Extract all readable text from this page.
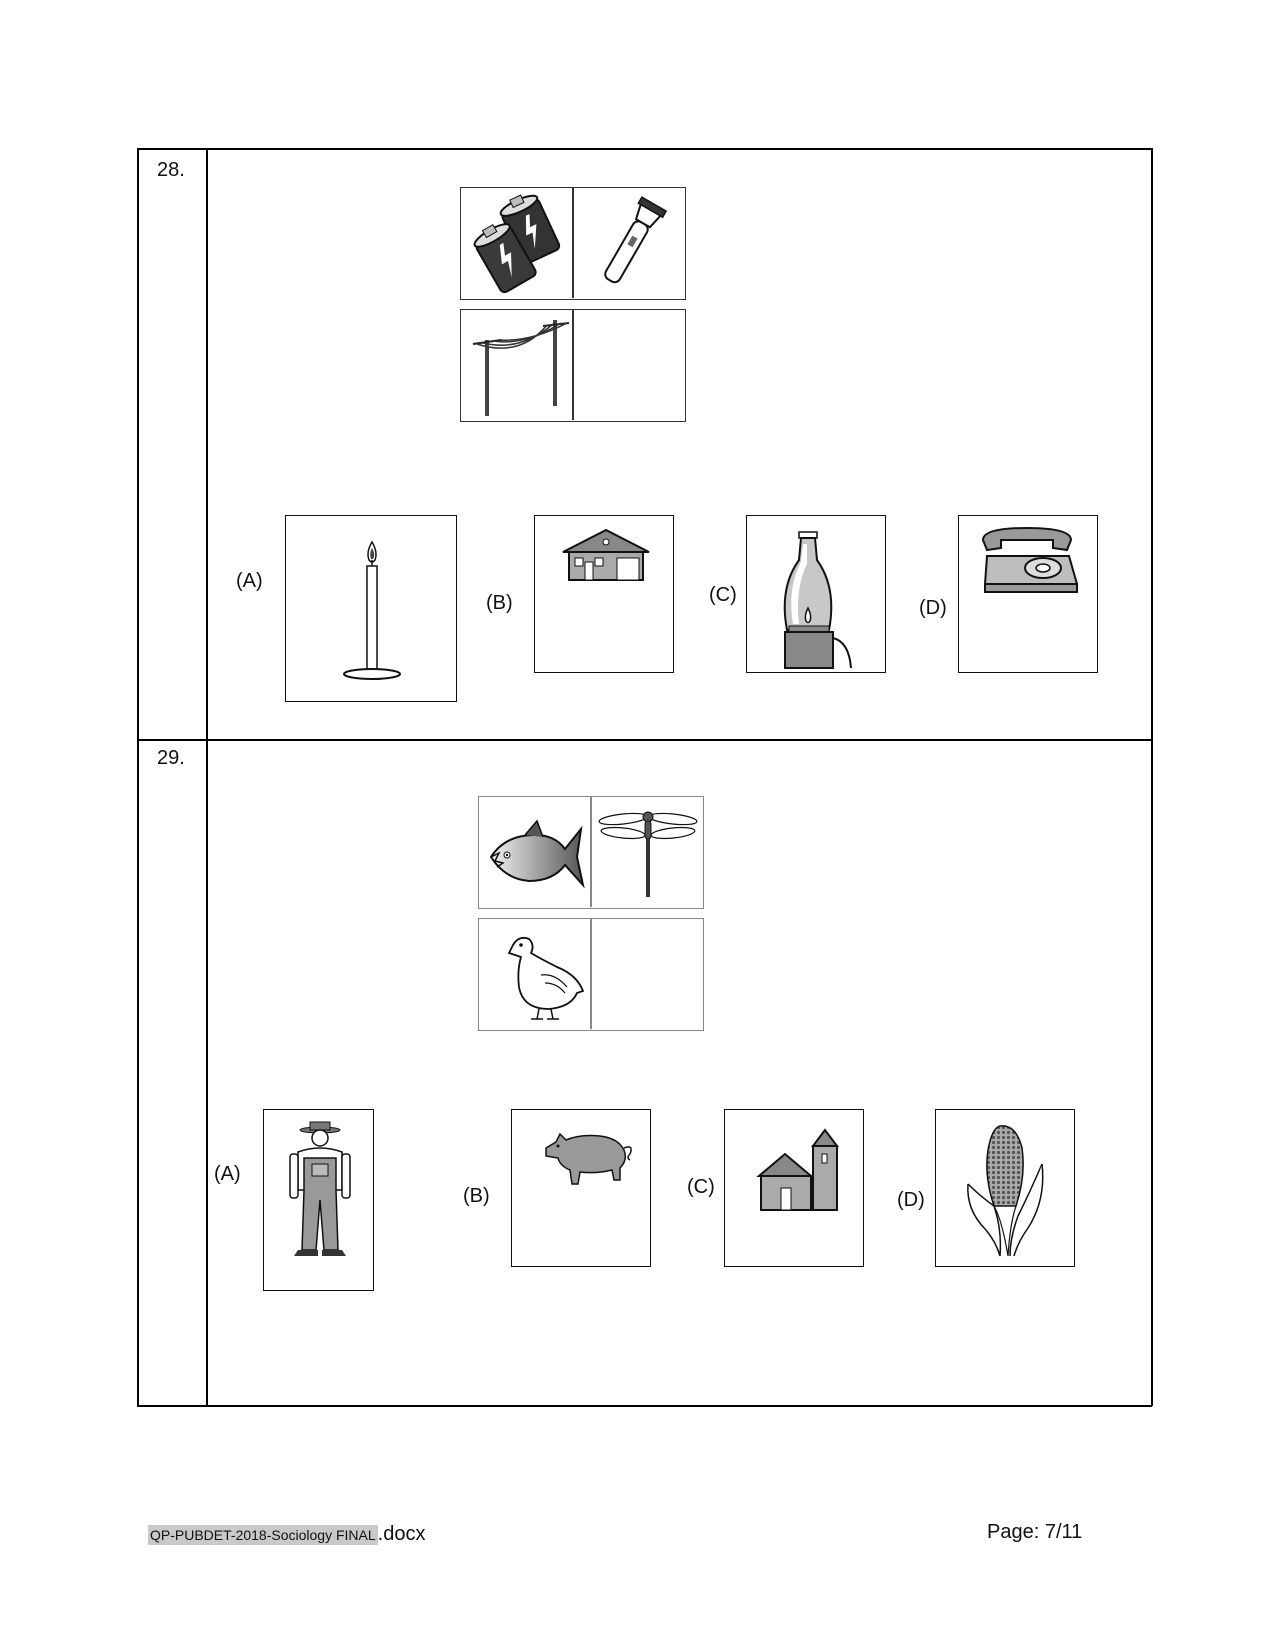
28.
(A)
(B)	(C)
(D)
29.
(A)
(B)	(C)
(D)
QP-PUBDET-2018-Sociology FINAL .docx	Page: 7/11
